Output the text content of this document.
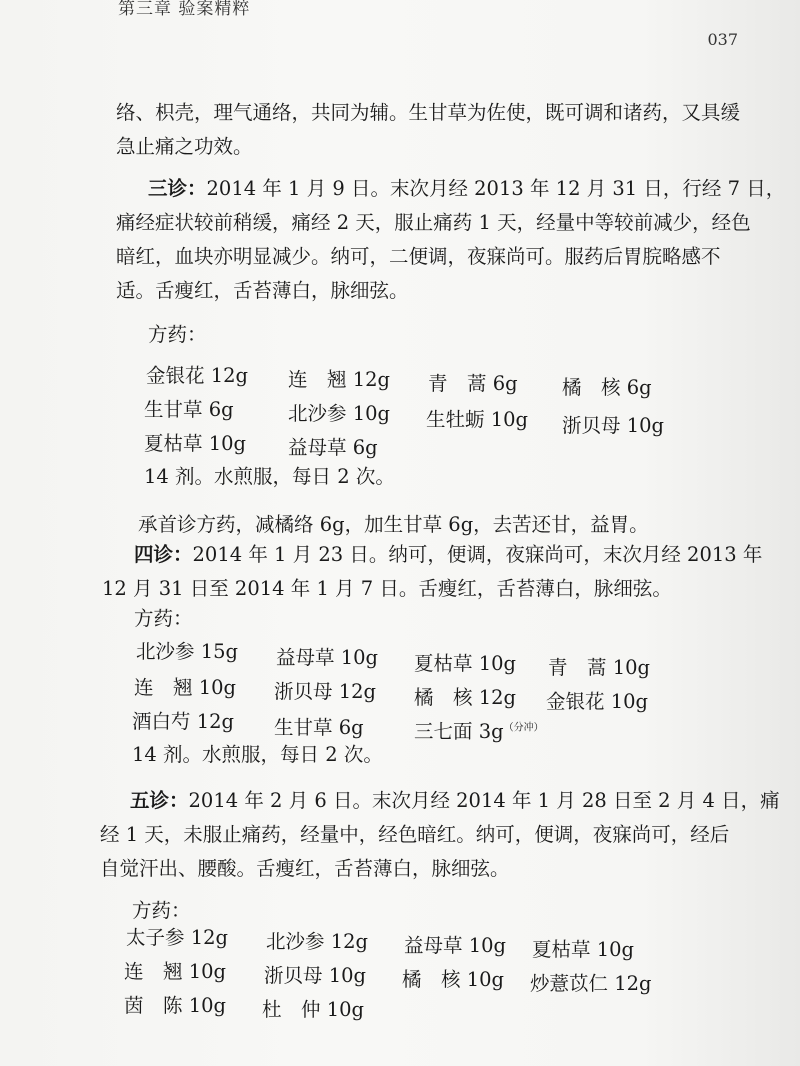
第三章 验案精粹
037
络、枳壳，理气通络，共同为辅。生甘草为佐使，既可调和诸药，又具缓
急止痛之功效。
三诊：2014 年 1 月 9 日。末次月经 2013 年 12 月 31 日，行经 7 日，
痛经症状较前稍缓，痛经 2 天，服止痛药 1 天，经量中等较前减少，经色
暗红，血块亦明显减少。纳可，二便调，夜寐尚可。服药后胃脘略感不
适。舌瘦红，舌苔薄白，脉细弦。
方药：
金银花 12g 连　翘 12g 青　蒿 6g 橘　核 6g
生甘草 6g	北沙参 10g 生牡蛎 10g 浙贝母 10g
夏枯草 10g 益母草 6g
14 剂。水煎服，每日 2 次。
承首诊方药，减橘络 6g，加生甘草 6g，去苦还甘，益胃。
四诊：2014 年 1 月 23 日。纳可，便调，夜寐尚可，末次月经 2013 年
12 月 31 日至 2014 年 1 月 7 日。舌瘦红，舌苔薄白，脉细弦。
方药：
北沙参 15g 益母草 10g 夏枯草 10g 青　蒿 10g
连　翘 10g 浙贝母 12g 橘　核 12g 金银花 10g
酒白芍 12g 生甘草 6g	三七面 $3g^{(分冲)}$
14 剂。水煎服，每日 2 次。
五诊：2014 年 2 月 6 日。末次月经 2014 年 1 月 28 日至 2 月 4 日，痛
经 1 天，未服止痛药，经量中，经色暗红。纳可，便调，夜寐尚可，经后
自觉汗出、腰酸。舌瘦红，舌苔薄白，脉细弦。
方药：
太子参 12g 北沙参 12g 益母草 10g 夏枯草 10g
连　翘 10g 浙贝母 10g 橘　核 10g 炒薏苡仁 12g
茵　陈 10g 杜　仲 10g
